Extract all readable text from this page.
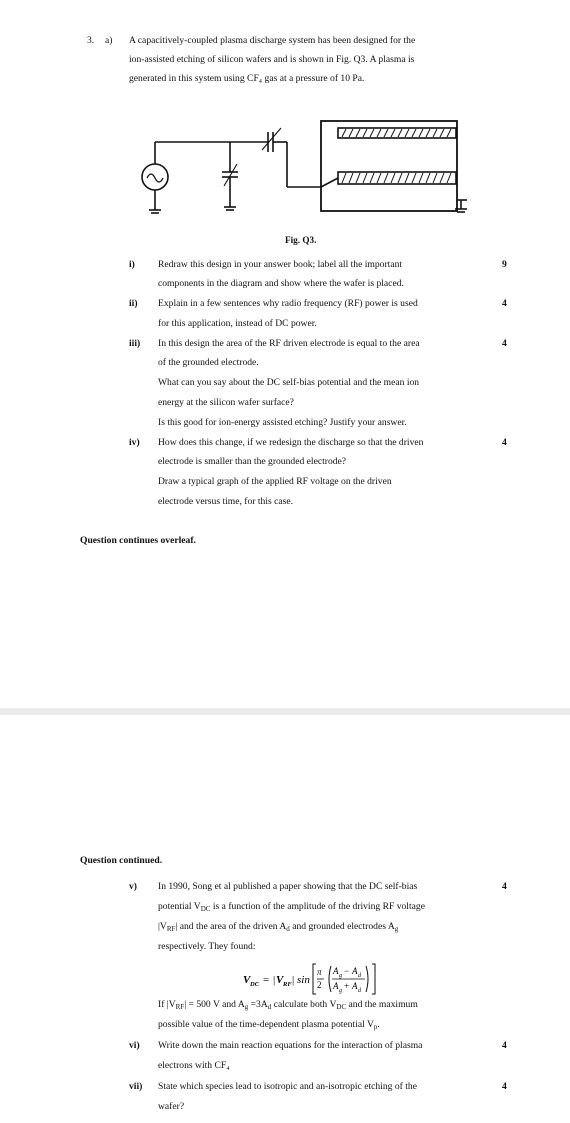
3. a) A capacitively-coupled plasma discharge system has been designed for the
ion-assisted etching of silicon wafers and is shown in Fig. Q3. A plasma is
generated in this system using CF₄ gas at a pressure of 10 Pa.
Fig. Q3.
i) Redraw this design in your answer book; label all the important
components in the diagram and show where the wafer is placed.
9
ii) Explain in a few sentences why radio frequency (RF) power is used
for this application, instead of DC power.
4
iii) In this design the area of the RF driven electrode is equal to the area
of the grounded electrode.
What can you say about the DC self-bias potential and the mean ion
energy at the silicon wafer surface?
Is this good for ion-energy assisted etching? Justify your answer.
4
iv) How does this change, if we redesign the discharge so that the driven
electrode is smaller than the grounded electrode?
Draw a typical graph of the applied RF voltage on the driven
electrode versus time, for this case.
4
Question continues overleaf.
Question continued.
v)	4
In 1990, Song et al published a paper showing that the DC self-bias
potential $V_{DC}$ is a function of the amplitude of the driving RF voltage
$|V_{RF}|$ and the area of the driven $A_d$ and grounded electrodes $A_g$
respectively. They found:
V DC = | V RF | sin
π
2
A g − A d
A g + A d
If $|V_{RF}| = 500$ V and $A_g =3A_d$ calculate both $V_{DC}$ and the maximum
possible value of the time-dependent plasma potential $V_p$.
vi)	4
Write down the main reaction equations for the interaction of plasma
electrons with CF₄
vii)	4
State which species lead to isotropic and an-isotropic etching of the
wafer?
